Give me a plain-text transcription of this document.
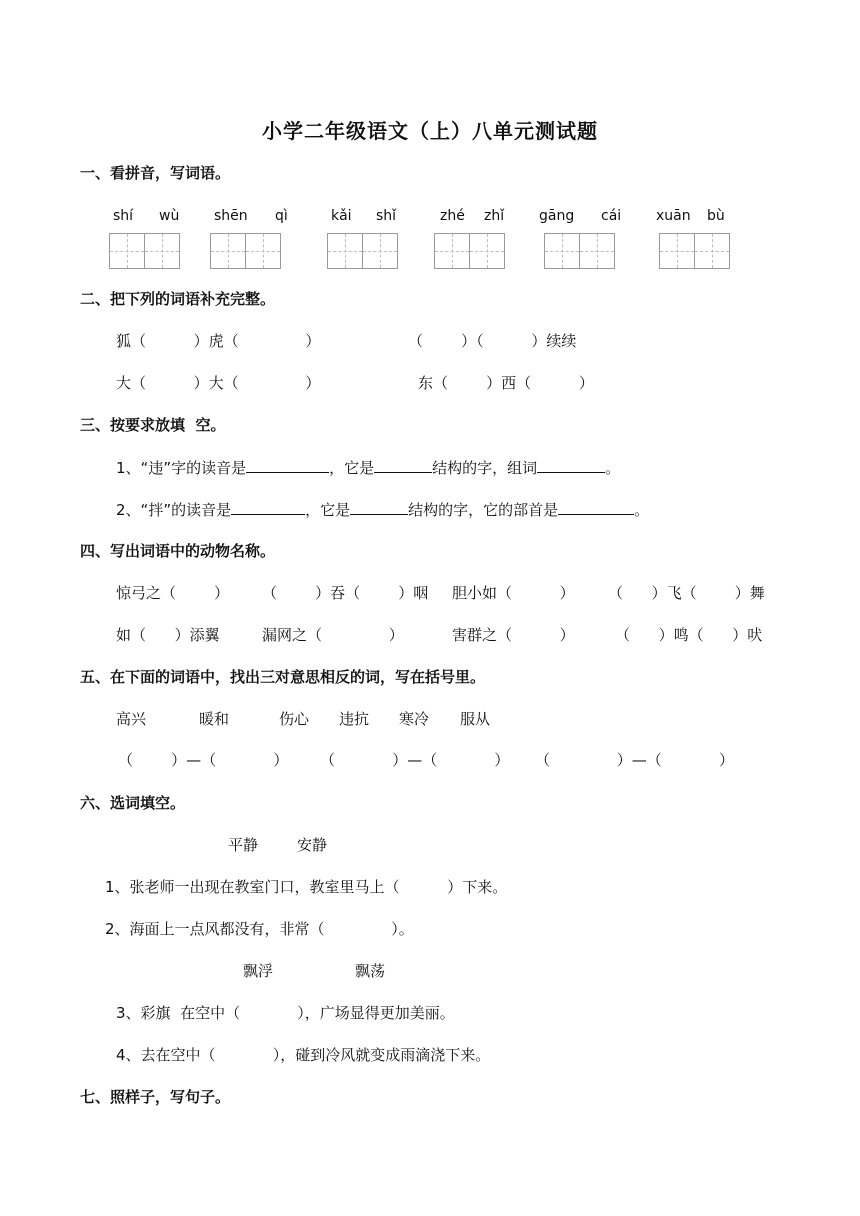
小学二年级语文（上）八单元测试题
一、看拼音，写词语。
shí wù shēn qì	kǎi shǐ	zhé zhǐ gāng cái xuān bù
二、把下列的词语补充完整。
狐（          ）虎（              ）	（        ）（          ）续续
大（          ）大（              ）	东（        ）西（          ）
三、按要求放填  空。
1、“违”字的读音是	，它是	结构的字，组词	。
2、“拌”的读音是	，它是	结构的字，它的部首是	。
四、写出词语中的动物名称。
惊弓之（        ） （        ）吞（        ）咽 胆小如（          ） （      ）飞（        ）舞
如（      ）添翼	漏网之（              ）	害群之（          ）	（      ）鸣（      ）吠
五、在下面的词语中，找出三对意思相反的词，写在括号里。
高兴	暖和	伤心 违抗 寒冷 服从
（        ）—（            ） （            ）—（            ） （              ）—（            ）
六、选词填空。
平静	安静
1、张老师一出现在教室门口，教室里马上（          ）下来。
2、海面上一点风都没有，非常（              ）。
飘浮	飘荡
3、彩旗  在空中（            ），广场显得更加美丽。
4、去在空中（            ），碰到冷风就变成雨滴浇下来。
七、照样子，写句子。
